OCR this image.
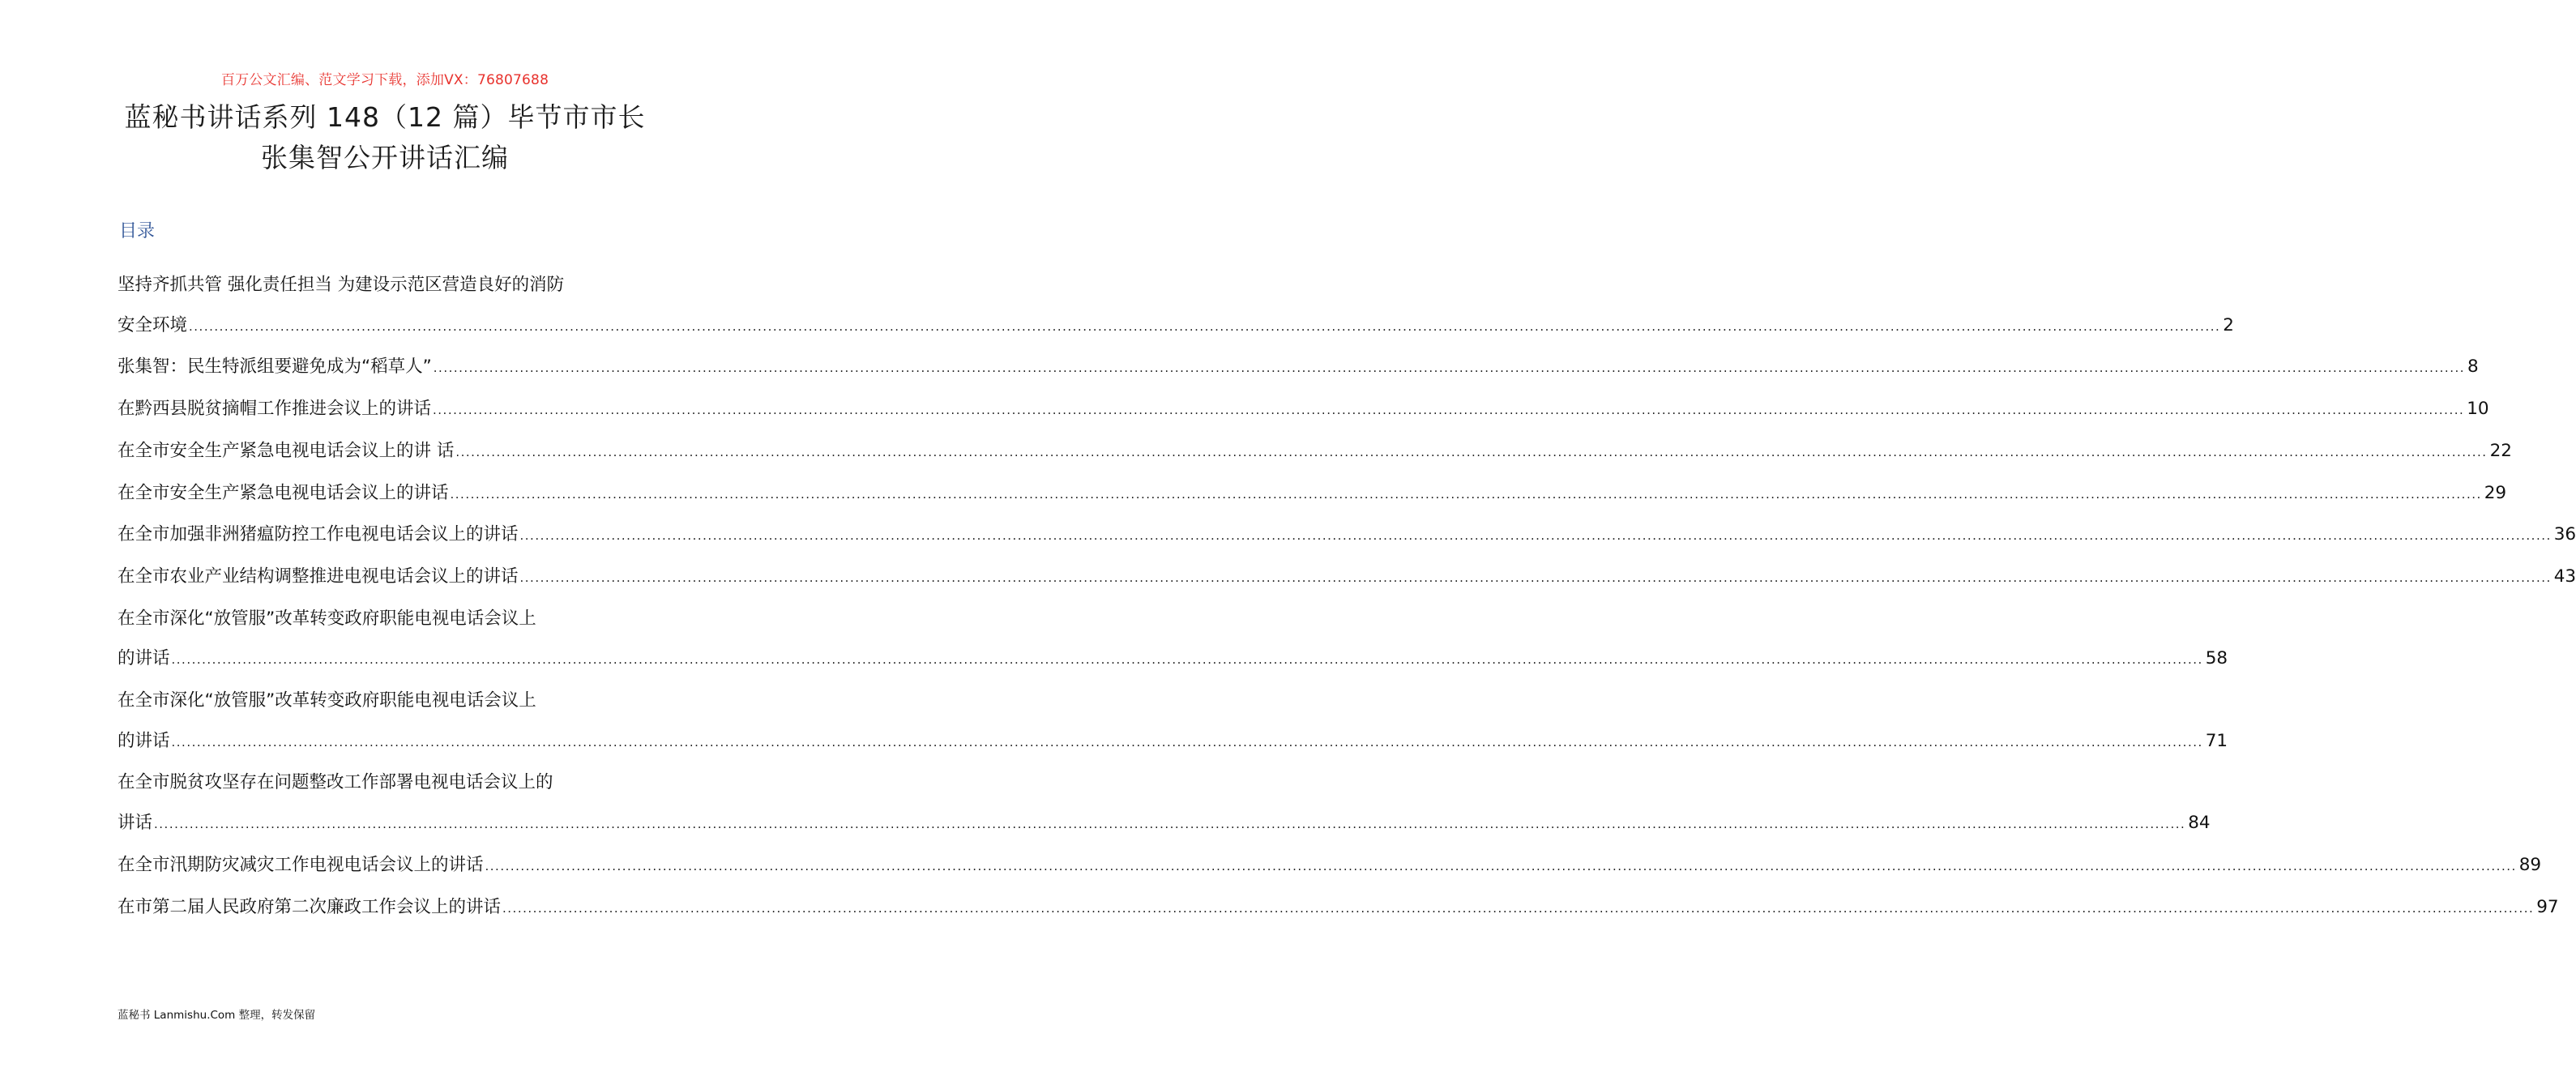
百万公文汇编、范文学习下载，添加VX：76807688
蓝秘书讲话系列 148（12 篇）毕节市市长
张集智公开讲话汇编
目录
坚持齐抓共管 强化责任担当 为建设示范区营造良好的消防
安全环境 ................................................................................................................................................................................................................................................................................................................................................................................................................ 2
张集智：民生特派组要避免成为“稻草人” ................................................................................................................................................................................................................................................................................................................................................................................................................ 8
在黔西县脱贫摘帽工作推进会议上的讲话 ................................................................................................................................................................................................................................................................................................................................................................................................................ 10
在全市安全生产紧急电视电话会议上的讲 话 ................................................................................................................................................................................................................................................................................................................................................................................................................ 22
在全市安全生产紧急电视电话会议上的讲话 ................................................................................................................................................................................................................................................................................................................................................................................................................ 29
在全市加强非洲猪瘟防控工作电视电话会议上的讲话 ................................................................................................................................................................................................................................................................................................................................................................................................................ 36
在全市农业产业结构调整推进电视电话会议上的讲话 ................................................................................................................................................................................................................................................................................................................................................................................................................ 43
在全市深化“放管服”改革转变政府职能电视电话会议上
的讲话 ................................................................................................................................................................................................................................................................................................................................................................................................................ 58
在全市深化“放管服”改革转变政府职能电视电话会议上
的讲话 ................................................................................................................................................................................................................................................................................................................................................................................................................ 71
在全市脱贫攻坚存在问题整改工作部署电视电话会议上的
讲话 ................................................................................................................................................................................................................................................................................................................................................................................................................ 84
在全市汛期防灾减灾工作电视电话会议上的讲话 ................................................................................................................................................................................................................................................................................................................................................................................................................ 89
在市第二届人民政府第二次廉政工作会议上的讲话 ................................................................................................................................................................................................................................................................................................................................................................................................................ 97
蓝秘书 Lanmishu.Com 整理，转发保留
